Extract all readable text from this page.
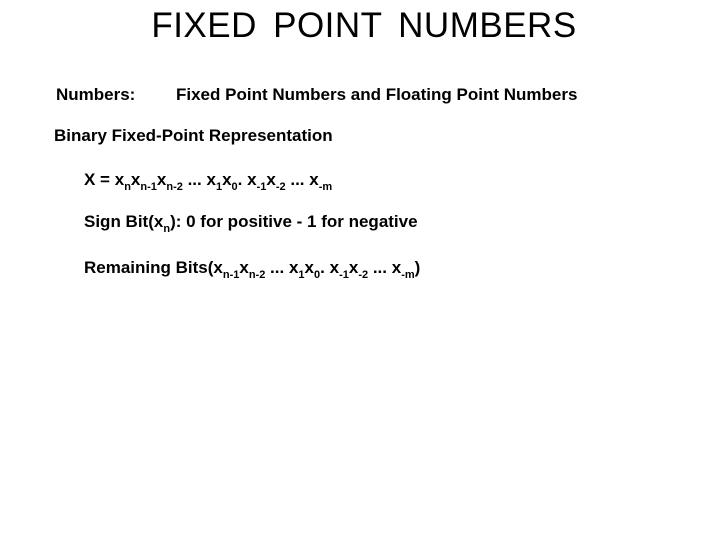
FIXED POINT NUMBERS
Numbers: Fixed Point Numbers and Floating Point Numbers
Binary Fixed-Point Representation
$X = x_nx_{n-1}x_{n-2}$ ... $x_1x_0$. $x_{-1}x_{-2}$ ... $x_{-m}$
Sign $Bit(x_n)$: 0 for positive - 1 for negative
Remaining $Bits(x_{n-1}x_{n-2}$ ... $x_1x_0$. $x_{-1}x_{-2}$ ... $x_{-m}$)
